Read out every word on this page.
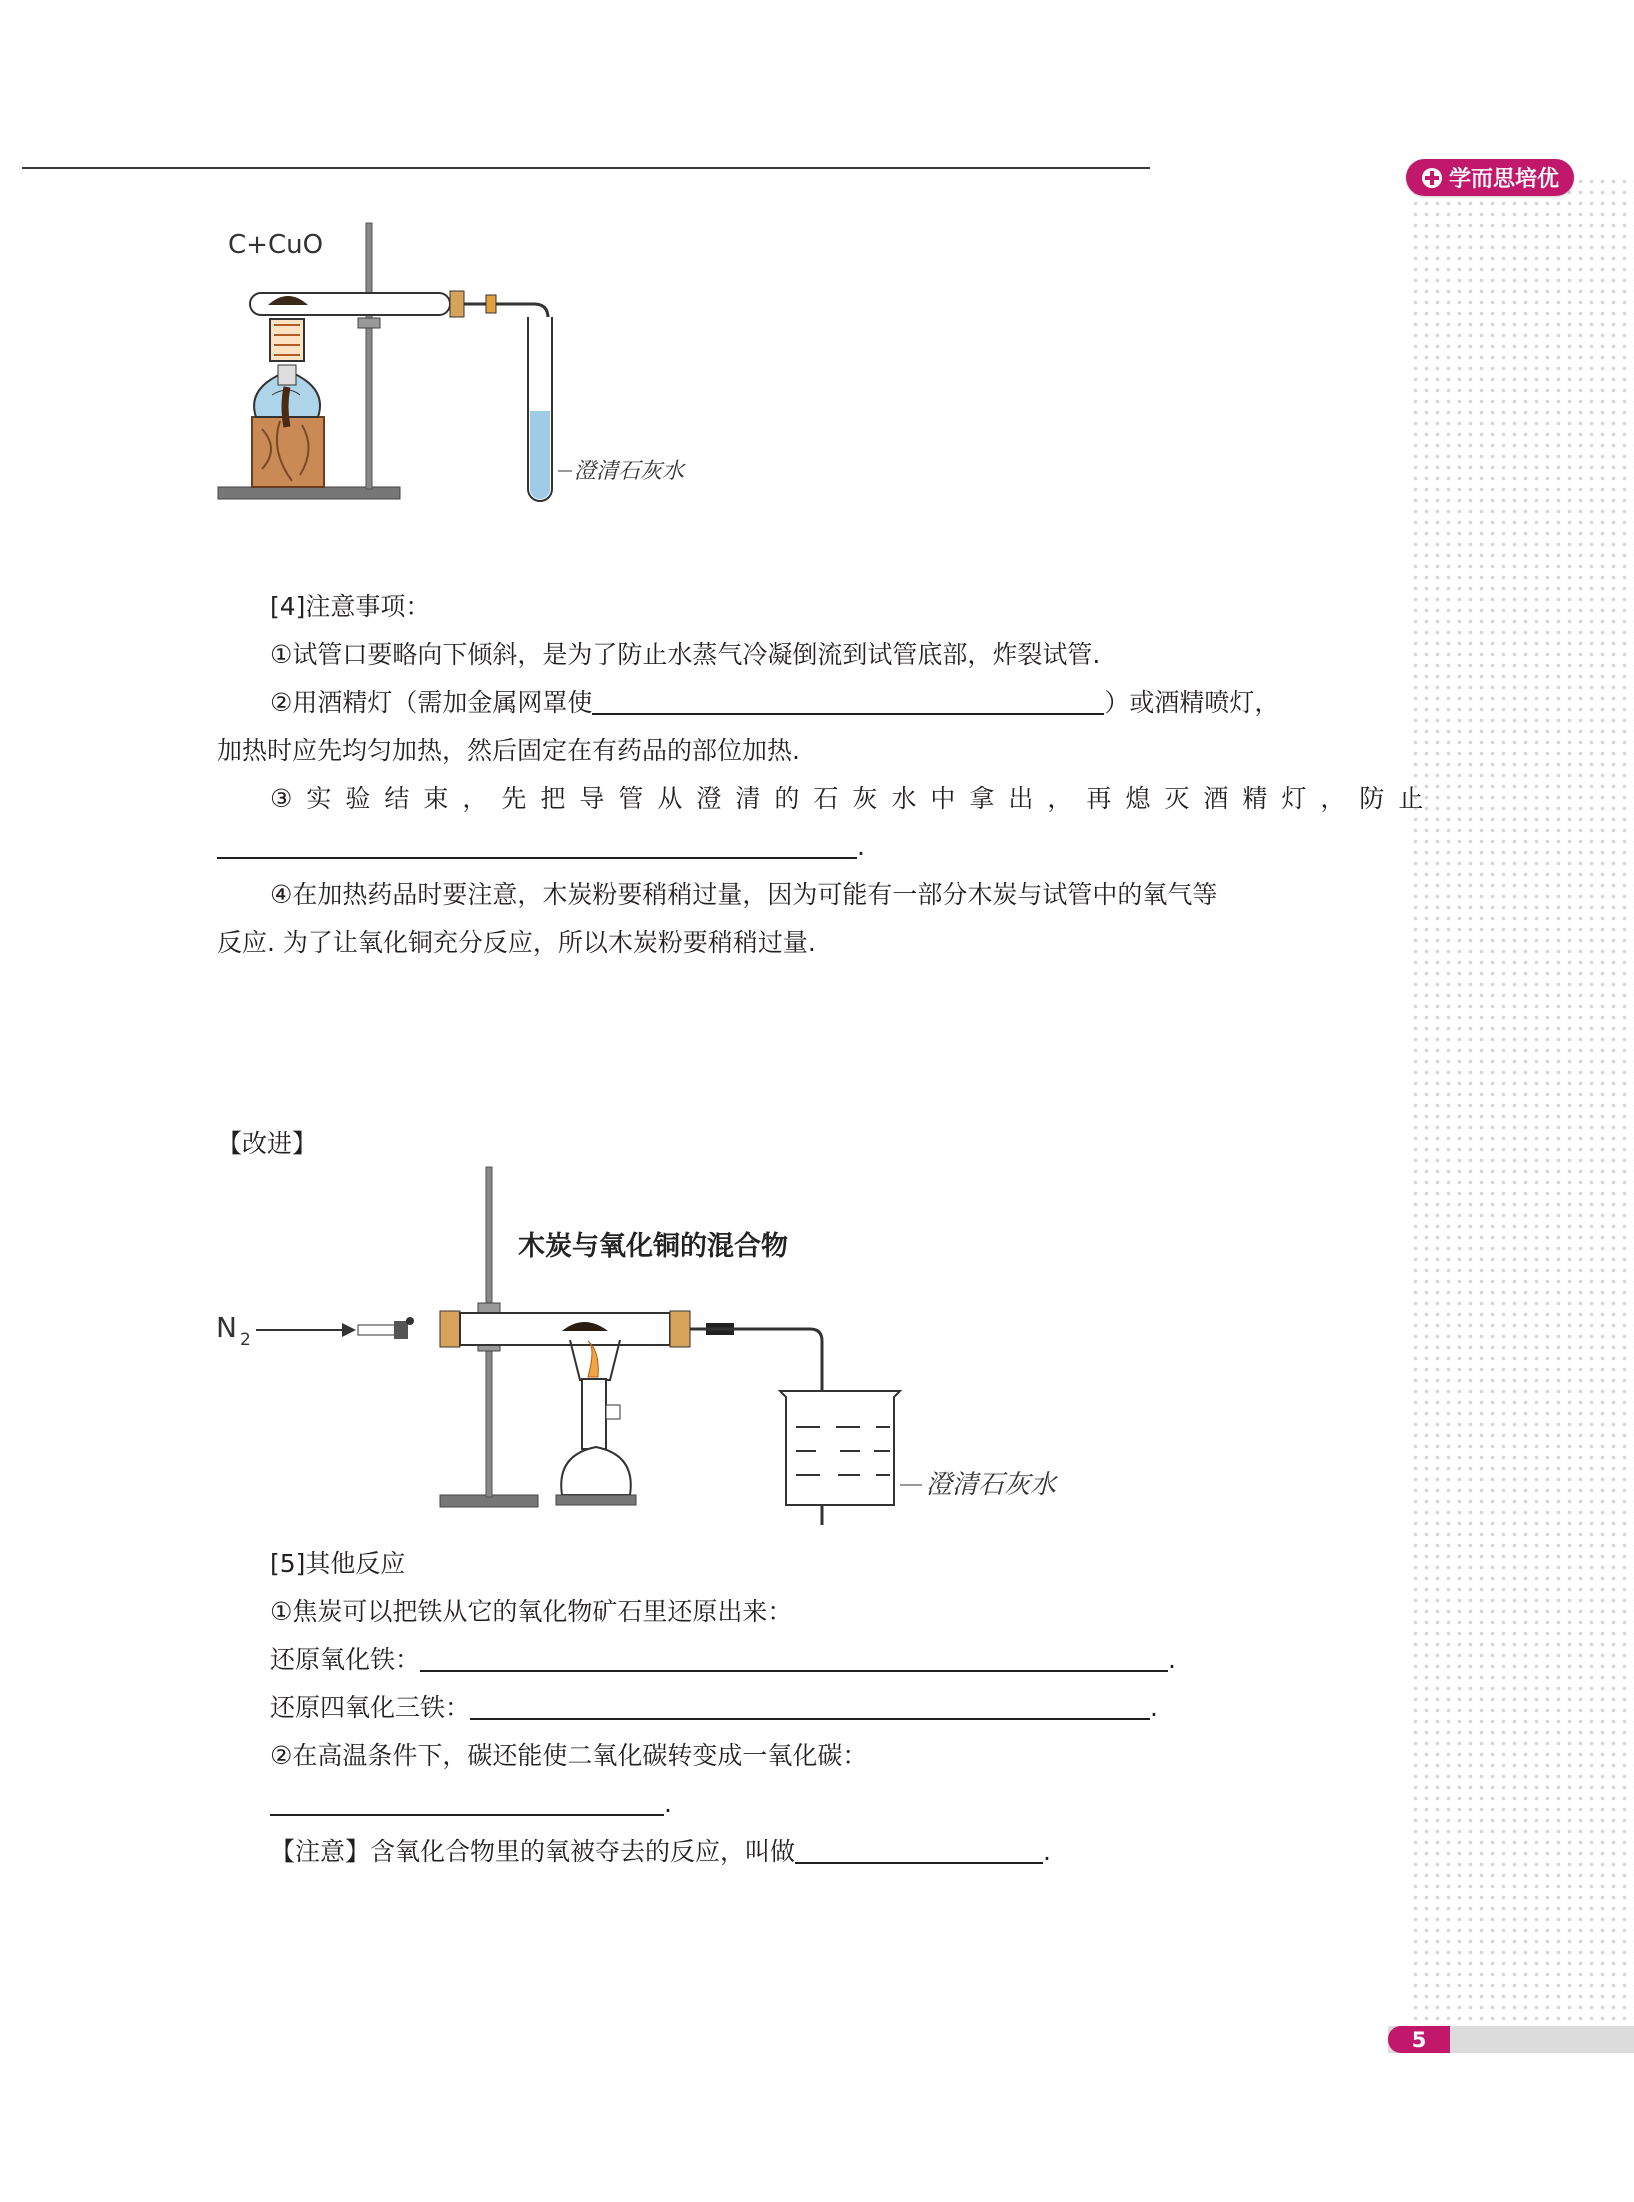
学而思培优
5
C+CuO
澄清石灰水
[4]注意事项：
①试管口要略向下倾斜，是为了防止水蒸气冷凝倒流到试管底部，炸裂试管.
②用酒精灯（需加金属网罩使	）或酒精喷灯，
加热时应先均匀加热，然后固定在有药品的部位加热.
③实验结束，先把导管从澄清的石灰水中拿出，再熄灭酒精灯，防止
.
④在加热药品时要注意，木炭粉要稍稍过量，因为可能有一部分木炭与试管中的氧气等
反应. 为了让氧化铜充分反应，所以木炭粉要稍稍过量.
【改进】
木炭与氧化铜的混合物
N 2
澄清石灰水
[5]其他反应
①焦炭可以把铁从它的氧化物矿石里还原出来：
还原氧化铁：	.
还原四氧化三铁：	.
②在高温条件下，碳还能使二氧化碳转变成一氧化碳：
.
【注意】含氧化合物里的氧被夺去的反应，叫做	.
